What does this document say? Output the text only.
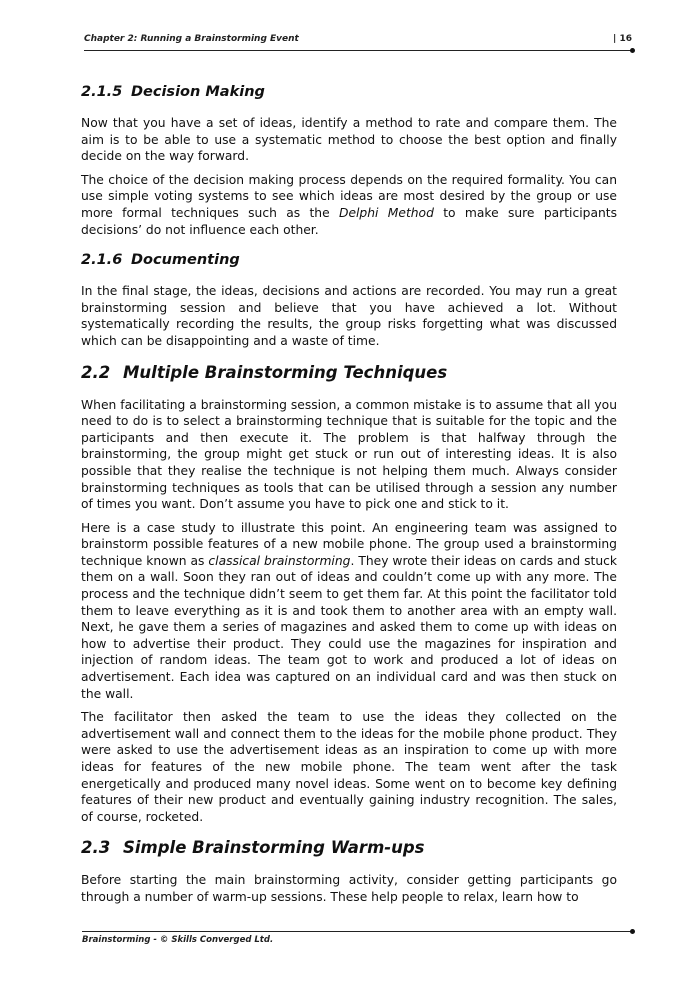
Chapter 2: Running a Brainstorming Event	| 16
2.1.5 Decision Making

Now that you have a set of ideas, identify a method to rate and compare them. The aim is to be able to use a systematic method to choose the best option and finally decide on the way forward.

The choice of the decision making process depends on the required formality. You can use simple voting systems to see which ideas are most desired by the group or use more formal techniques such as the Delphi Method to make sure participants decisions’ do not influence each other.

2.1.6 Documenting

In the final stage, the ideas, decisions and actions are recorded. You may run a great brainstorming session and believe that you have achieved a lot. Without systematically recording the results, the group risks forgetting what was discussed which can be disappointing and a waste of time.

2.2 Multiple Brainstorming Techniques

When facilitating a brainstorming session, a common mistake is to assume that all you need to do is to select a brainstorming technique that is suitable for the topic and the participants and then execute it. The problem is that halfway through the brainstorming, the group might get stuck or run out of interesting ideas. It is also possible that they realise the technique is not helping them much. Always consider brainstorming techniques as tools that can be utilised through a session any number of times you want. Don’t assume you have to pick one and stick to it.

Here is a case study to illustrate this point. An engineering team was assigned to brainstorm possible features of a new mobile phone. The group used a brainstorming technique known as classical brainstorming. They wrote their ideas on cards and stuck them on a wall. Soon they ran out of ideas and couldn’t come up with any more. The process and the technique didn’t seem to get them far. At this point the facilitator told them to leave everything as it is and took them to another area with an empty wall. Next, he gave them a series of magazines and asked them to come up with ideas on how to advertise their product. They could use the magazines for inspiration and injection of random ideas. The team got to work and produced a lot of ideas on advertisement. Each idea was captured on an individual card and was then stuck on the wall.

The facilitator then asked the team to use the ideas they collected on the advertisement wall and connect them to the ideas for the mobile phone product. They were asked to use the advertisement ideas as an inspiration to come up with more ideas for features of the new mobile phone. The team went after the task energetically and produced many novel ideas. Some went on to become key defining features of their new product and eventually gaining industry recognition. The sales, of course, rocketed.

2.3 Simple Brainstorming Warm-ups

Before starting the main brainstorming activity, consider getting participants go through a number of warm-up sessions. These help people to relax, learn how to

Brainstorming - © Skills Converged Ltd.
